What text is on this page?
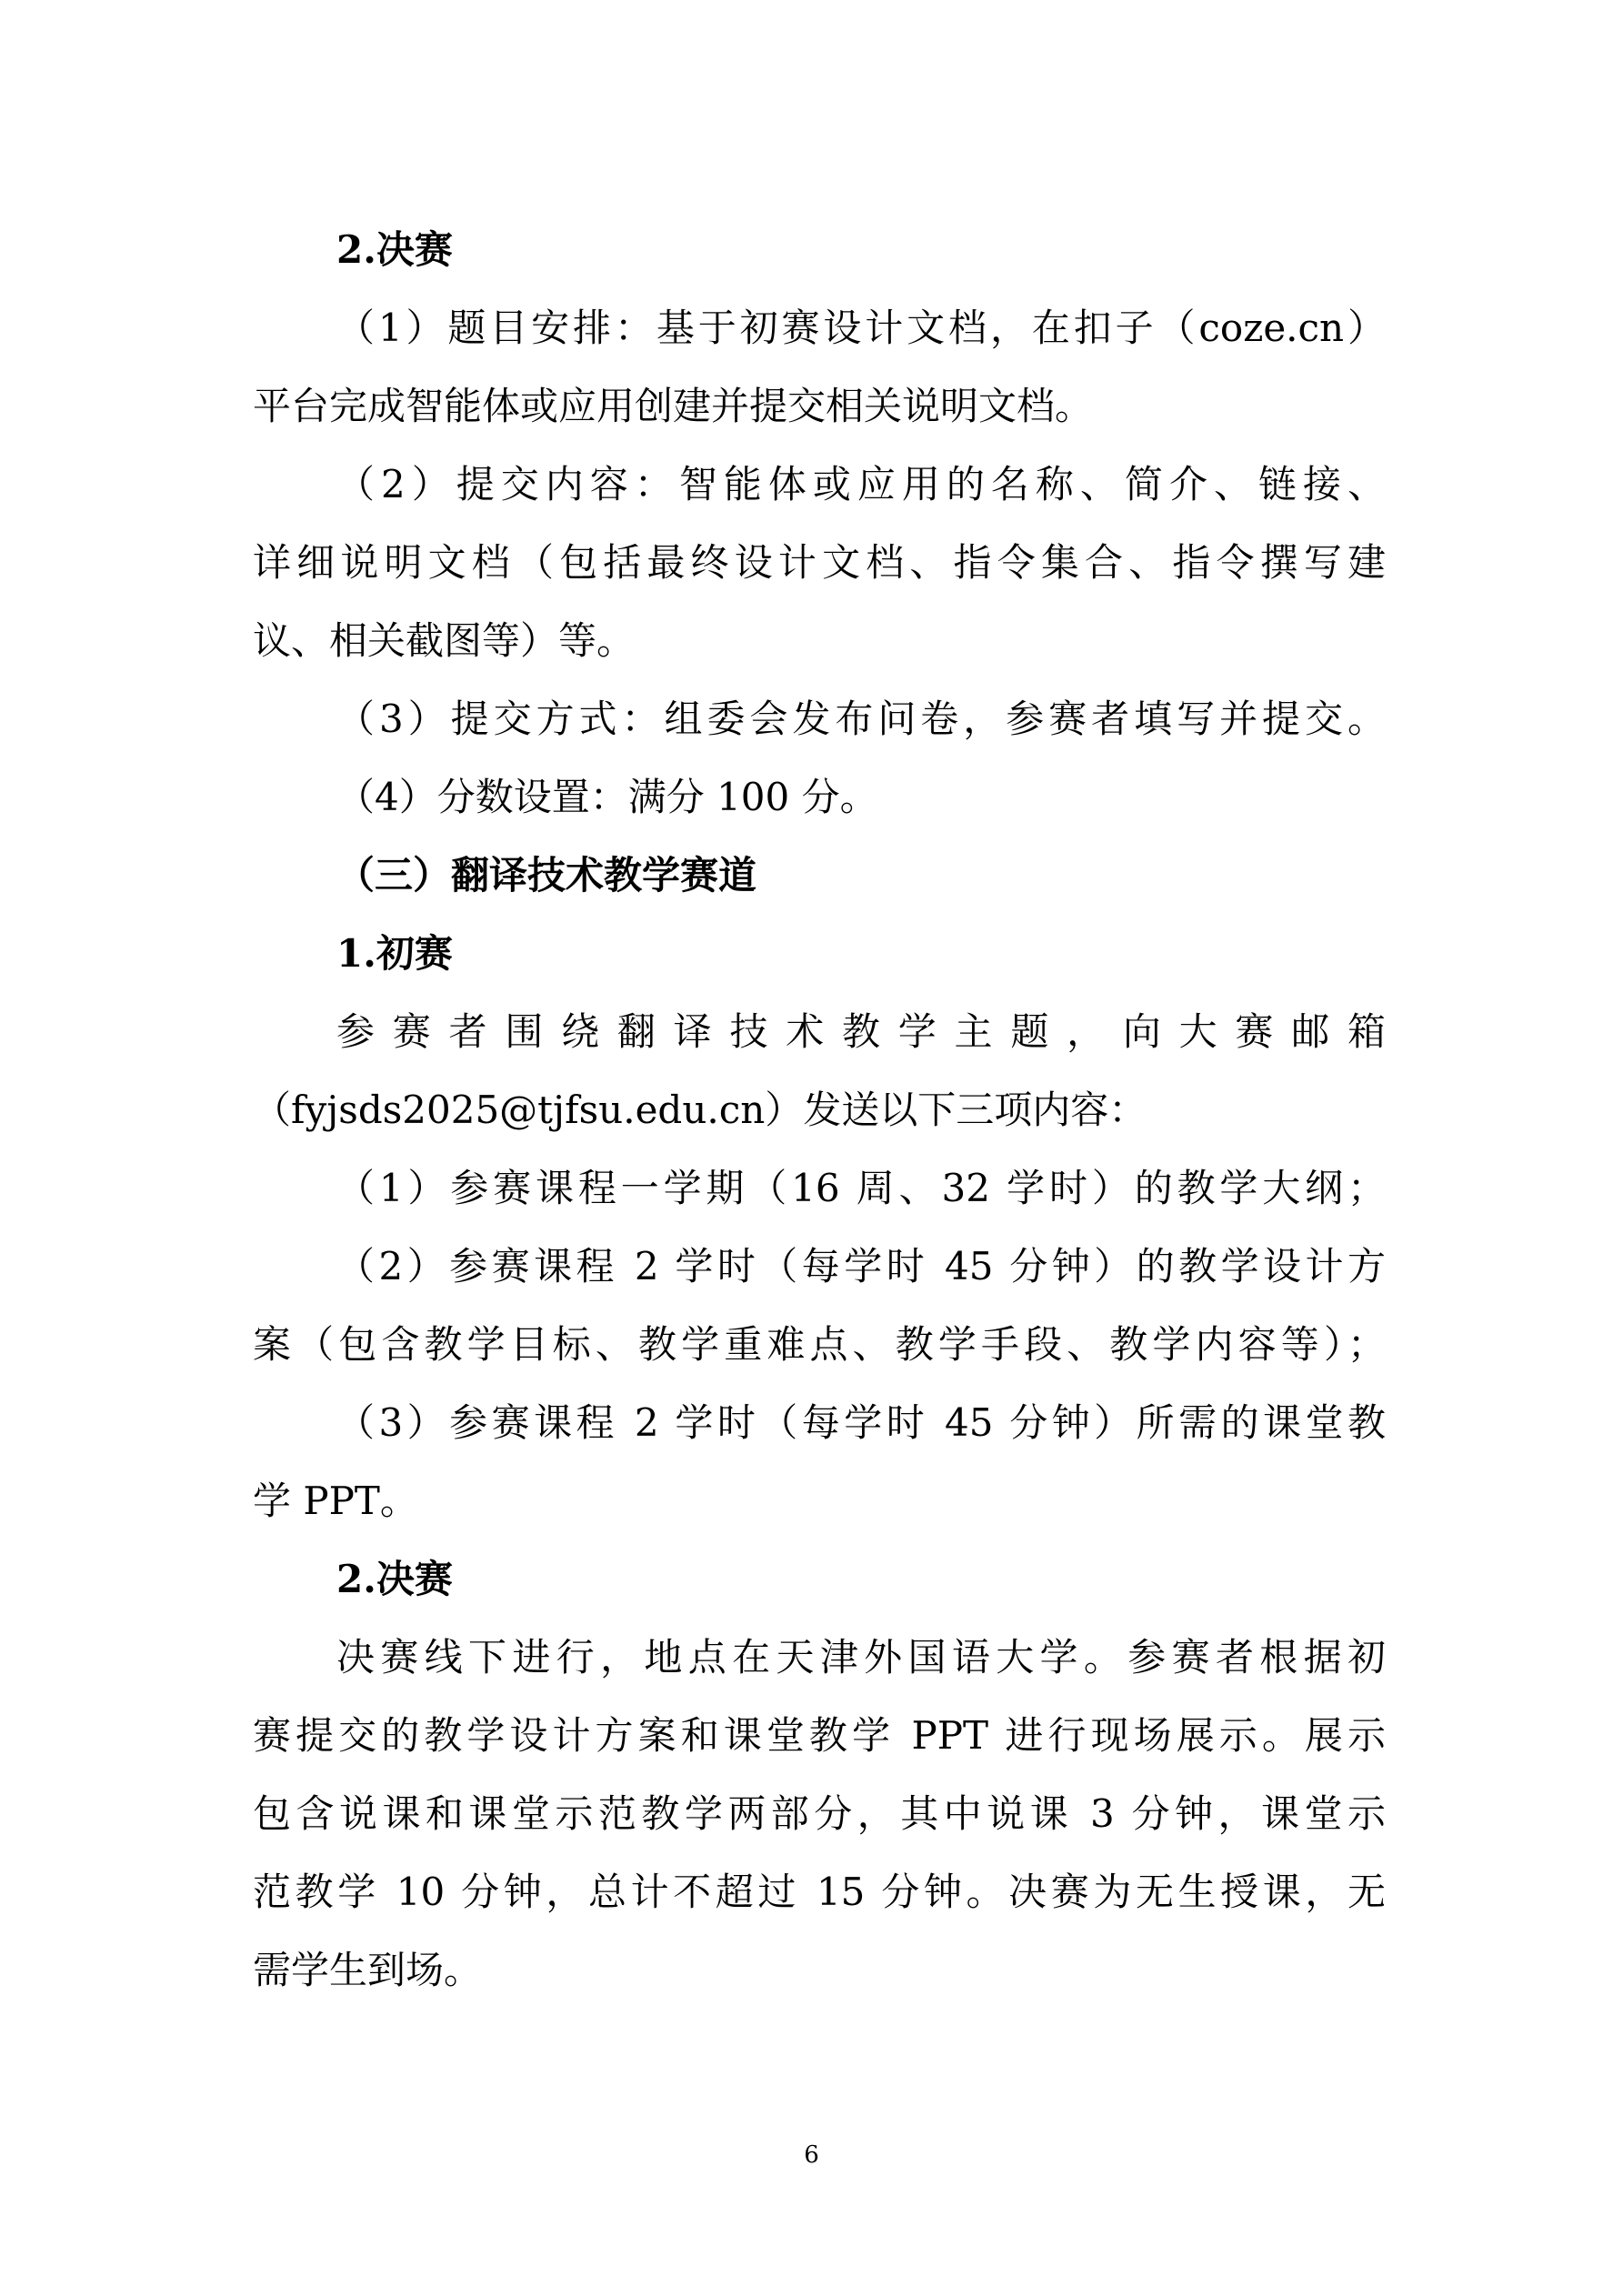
2.决赛
（1）题目安排：基于初赛设计文档，在扣子（coze.cn）
平台完成智能体或应用创建并提交相关说明文档。
（2）提交内容：智能体或应用的名称、简介、链接、
详细说明文档（包括最终设计文档、指令集合、指令撰写建
议、相关截图等）等。
（3）提交方式：组委会发布问卷，参赛者填写并提交。
（4）分数设置：满分 100 分。
（三）翻译技术教学赛道
1.初赛
参赛者围绕翻译技术教学主题，向大赛邮箱
（fyjsds2025@tjfsu.edu.cn）发送以下三项内容：
（1）参赛课程一学期（16 周、32 学时）的教学大纲；
（2）参赛课程 2 学时（每学时 45 分钟）的教学设计方
案（包含教学目标、教学重难点、教学手段、教学内容等）；
（3）参赛课程 2 学时（每学时 45 分钟）所需的课堂教
学 PPT。
2.决赛
决赛线下进行，地点在天津外国语大学。参赛者根据初
赛提交的教学设计方案和课堂教学 PPT 进行现场展示。展示
包含说课和课堂示范教学两部分，其中说课 3 分钟，课堂示
范教学 10 分钟，总计不超过 15 分钟。决赛为无生授课，无
需学生到场。
6
